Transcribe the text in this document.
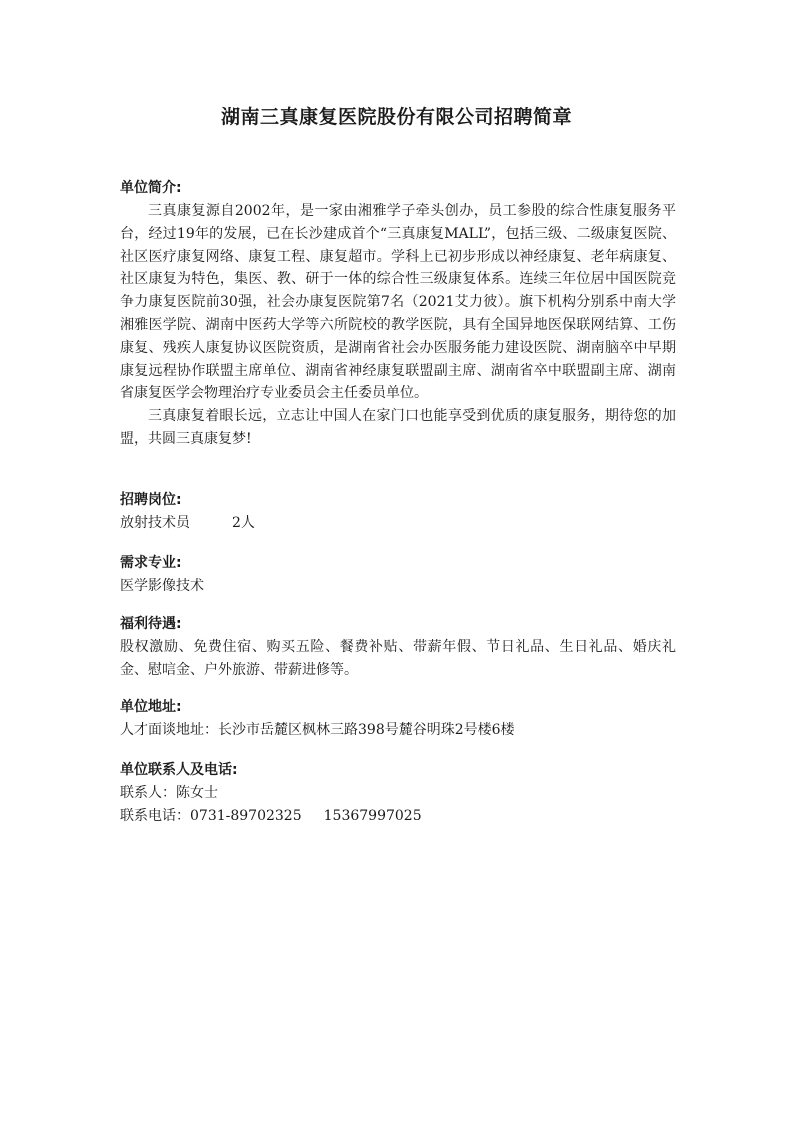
湖南三真康复医院股份有限公司招聘简章
单位简介:

三真康复源自2002年，是一家由湘雅学子牵头创办，员工参股的综合性康复服务平台，经过19年的发展，已在长沙建成首个“三真康复MALL”，包括三级、二级康复医院、社区医疗康复网络、康复工程、康复超市。学科上已初步形成以神经康复、老年病康复、社区康复为特色，集医、教、研于一体的综合性三级康复体系。连续三年位居中国医院竞争力康复医院前30强，社会办康复医院第7名（2021艾力彼）。旗下机构分别系中南大学湘雅医学院、湖南中医药大学等六所院校的教学医院，具有全国异地医保联网结算、工伤康复、残疾人康复协议医院资质，是湖南省社会办医服务能力建设医院、湖南脑卒中早期康复远程协作联盟主席单位、湖南省神经康复联盟副主席、湖南省卒中联盟副主席、湖南省康复医学会物理治疗专业委员会主任委员单位。

三真康复着眼长远，立志让中国人在家门口也能享受到优质的康复服务，期待您的加盟，共圆三真康复梦!

招聘岗位:

放射技术员	2人

需求专业:

医学影像技术

福利待遇:

股权激励、免费住宿、购买五险、餐费补贴、带薪年假、节日礼品、生日礼品、婚庆礼金、慰唁金、户外旅游、带薪进修等。

单位地址:

人才面谈地址：长沙市岳麓区枫林三路398号麓谷明珠2号楼6楼

单位联系人及电话:

联系人：陈女士

联系电话：0731-89702325 15367997025
